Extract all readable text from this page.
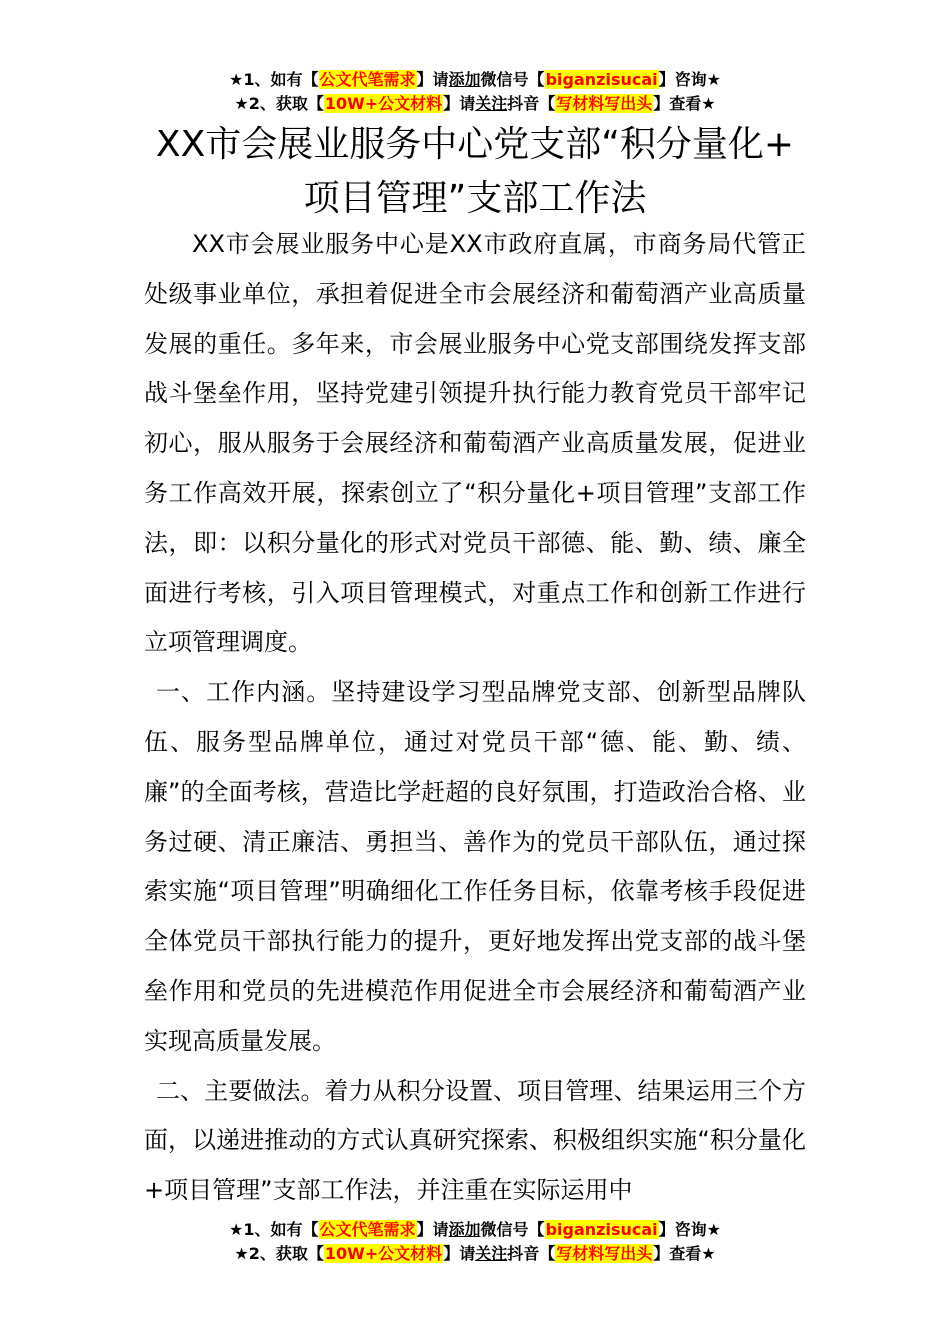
★1、如有【公文代笔需求】请添加微信号【biganzisucai】咨询★
★2、获取【10W+公文材料】请关注抖音【写材料写出头】查看★
XX市会展业服务中心党支部“积分量化+
项目管理”支部工作法

XX市会展业服务中心是XX市政府直属，市商务局代管正处级事业单位，承担着促进全市会展经济和葡萄酒产业高质量发展的重任。多年来，市会展业服务中心党支部围绕发挥支部战斗堡垒作用，坚持党建引领提升执行能力教育党员干部牢记初心，服从服务于会展经济和葡萄酒产业高质量发展，促进业务工作高效开展，探索创立了“积分量化+项目管理”支部工作法，即：以积分量化的形式对党员干部德、能、勤、绩、廉全面进行考核，引入项目管理模式，对重点工作和创新工作进行立项管理调度。

一、工作内涵。坚持建设学习型品牌党支部、创新型品牌队伍、服务型品牌单位，通过对党员干部“德、能、勤、绩、廉”的全面考核，营造比学赶超的良好氛围，打造政治合格、业务过硬、清正廉洁、勇担当、善作为的党员干部队伍，通过探索实施“项目管理”明确细化工作任务目标，依靠考核手段促进全体党员干部执行能力的提升，更好地发挥出党支部的战斗堡垒作用和党员的先进模范作用促进全市会展经济和葡萄酒产业实现高质量发展。

二、主要做法。着力从积分设置、项目管理、结果运用三个方面，以递进推动的方式认真研究探索、积极组织实施“积分量化+项目管理”支部工作法，并注重在实际运用中

★1、如有【公文代笔需求】请添加微信号【biganzisucai】咨询★
★2、获取【10W+公文材料】请关注抖音【写材料写出头】查看★
